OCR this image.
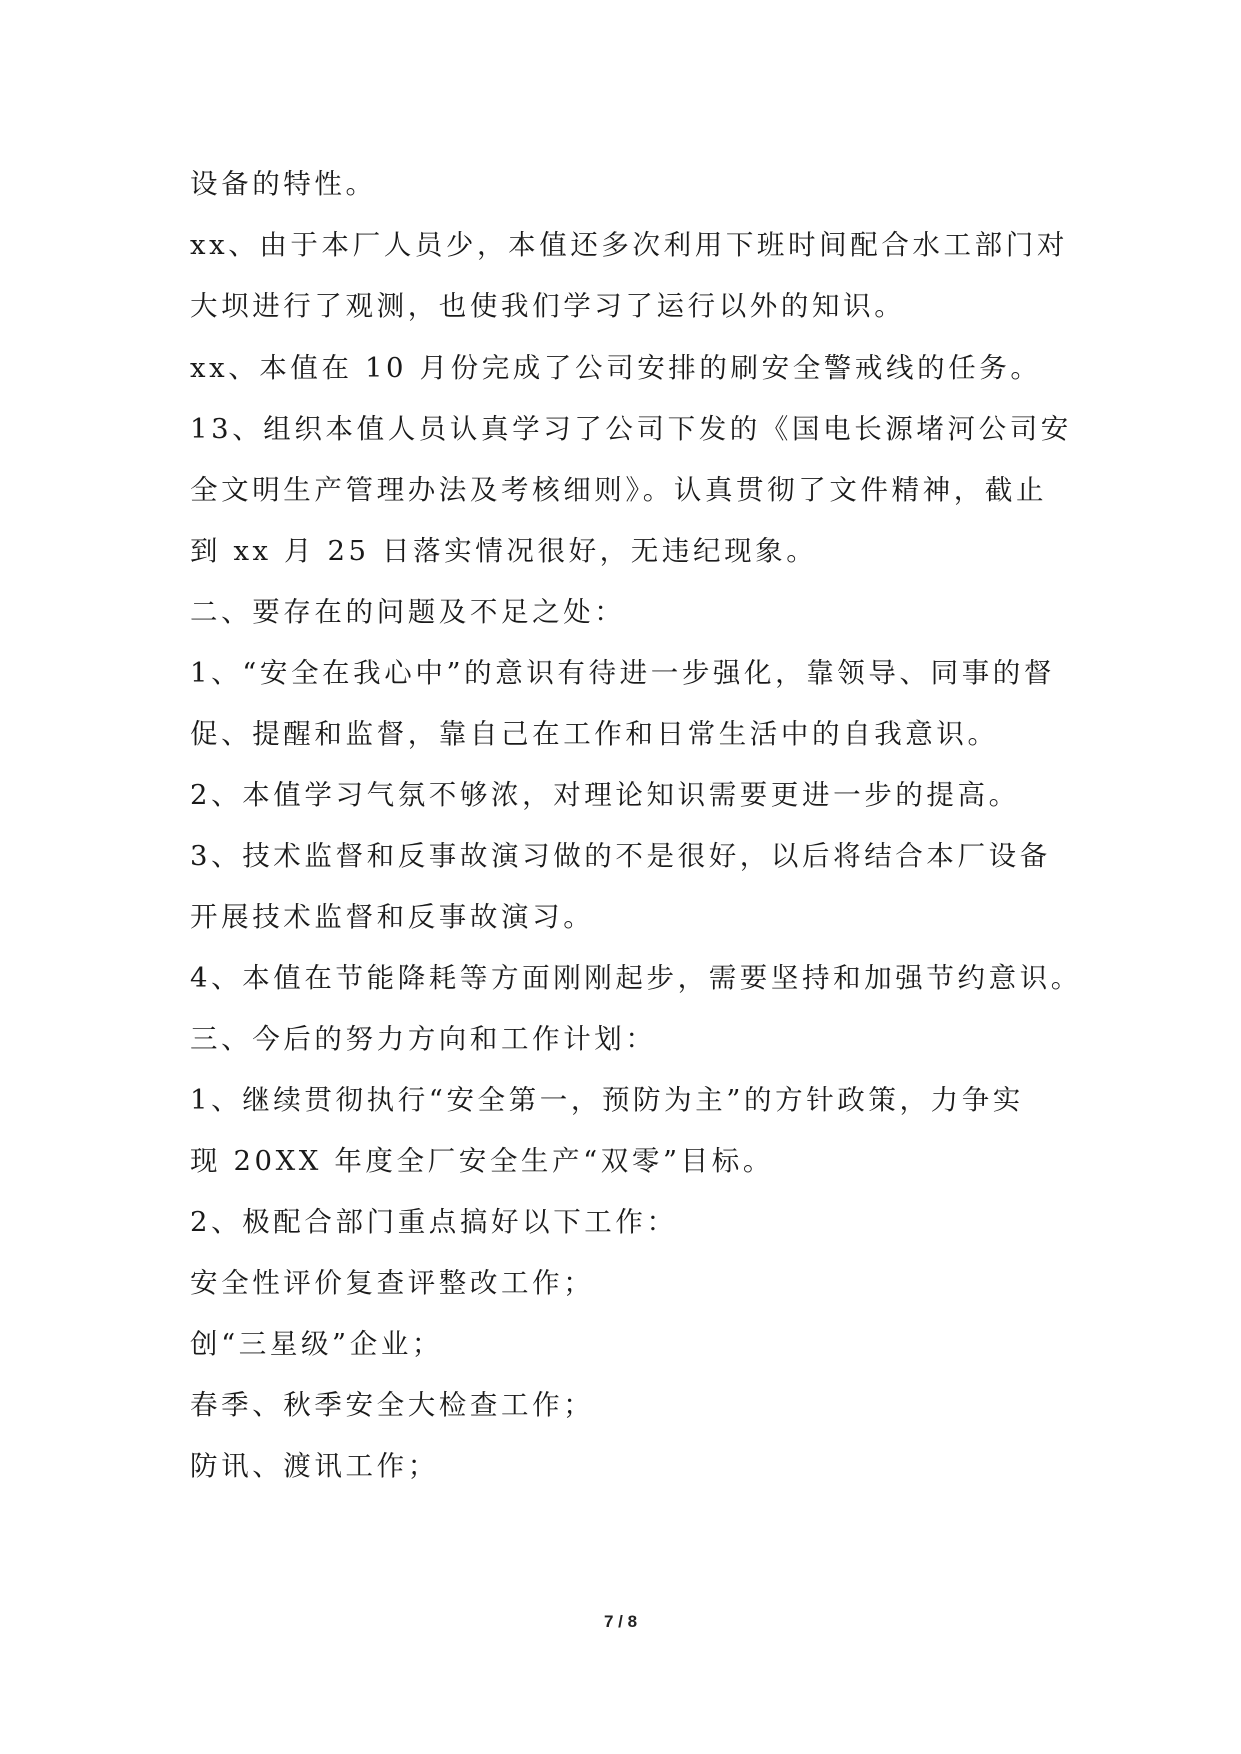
设备的特性。
xx、由于本厂人员少，本值还多次利用下班时间配合水工部门对
大坝进行了观测，也使我们学习了运行以外的知识。
xx、本值在 10 月份完成了公司安排的刷安全警戒线的任务。
13、组织本值人员认真学习了公司下发的《国电长源堵河公司安
全文明生产管理办法及考核细则》。认真贯彻了文件精神，截止
到 xx 月 25 日落实情况很好，无违纪现象。
二、要存在的问题及不足之处：
1、“安全在我心中”的意识有待进一步强化，靠领导、同事的督
促、提醒和监督，靠自己在工作和日常生活中的自我意识。
2、本值学习气氛不够浓，对理论知识需要更进一步的提高。
3、技术监督和反事故演习做的不是很好，以后将结合本厂设备
开展技术监督和反事故演习。
4、本值在节能降耗等方面刚刚起步，需要坚持和加强节约意识。
三、今后的努力方向和工作计划：
1、继续贯彻执行“安全第一，预防为主”的方针政策，力争实
现 20XX 年度全厂安全生产“双零”目标。
2、极配合部门重点搞好以下工作：
安全性评价复查评整改工作；
创“三星级”企业；
春季、秋季安全大检查工作；
防讯、渡讯工作；
7 / 8
